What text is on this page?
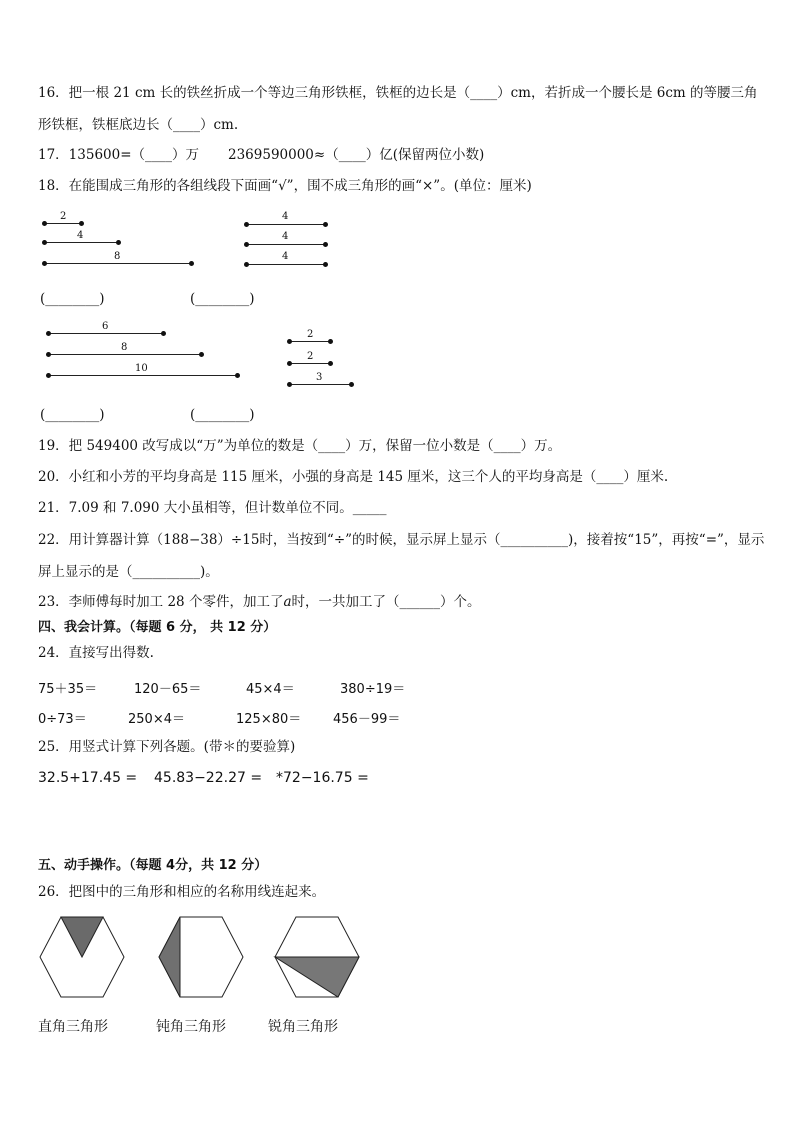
16．把一根 21 cm 长的铁丝折成一个等边三角形铁框，铁框的边长是（____）cm，若折成一个腰长是 6cm 的等腰三角
形铁框，铁框底边长（____）cm.
17．135600=（____）万 2369590000≈（____）亿(保留两位小数)
18．在能围成三角形的各组线段下面画“√”，围不成三角形的画“×”。(单位：厘米)
2
4
8
(________)
4
4
4
(________)
6
8
10
(________)
2
2
3
(________)
19．把 549400 改写成以“万”为单位的数是（____）万，保留一位小数是（____）万。
20．小红和小芳的平均身高是 115 厘米，小强的身高是 145 厘米，这三个人的平均身高是（____）厘米.
21．7.09 和 7.090 大小虽相等，但计数单位不同。_____
22．用计算器计算（188−38）÷15时，当按到“÷”的时候，显示屏上显示（__________)，接着按“15”，再按“=”，显示
屏上显示的是（__________)。
23．李师傅每时加工 28 个零件，加工了a时，一共加工了（______）个。
四、我会计算。（每题 6 分， 共 12 分）
24．直接写出得数.
75＋35＝	120－65＝	45×4＝	380÷19＝
0÷73＝	250×4＝	125×80＝ 456－99＝
25．用竖式计算下列各题。(带＊的要验算)
32.5+17.45 = 45.83−22.27 = *72−16.75 =
五、动手操作。（每题 4分，共 12 分）
26．把图中的三角形和相应的名称用线连起来。
直角三角形	钝角三角形	锐角三角形
